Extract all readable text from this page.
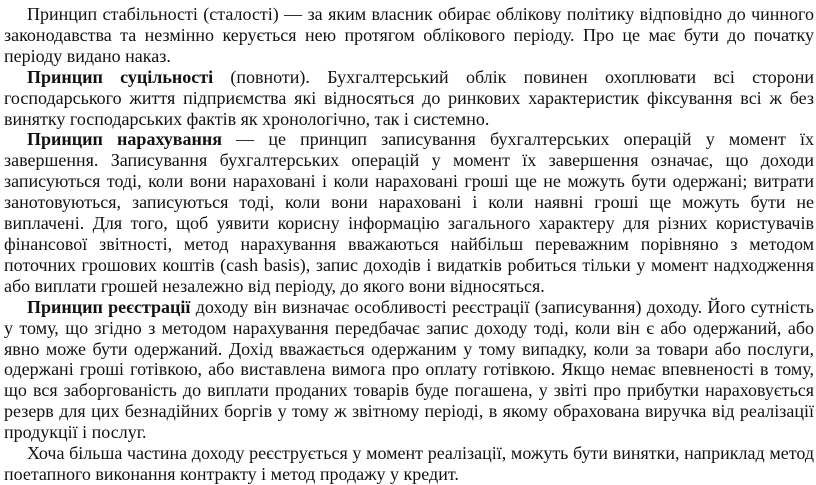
Принцип стабільності (сталості) — за яким власник обирає облікову політику відповідно до чинного законодавства та незмінно керується нею протягом облікового періоду. Про це має бути до початку періоду видано наказ.

Принцип суцільності (повноти). Бухгалтерський облік повинен охоплювати всі сторони господарського життя підприємства які відносяться до ринкових характеристик фіксування всі ж без винятку господарських фактів як хронологічно, так і системно.

Принцип нарахування — це принцип записування бухгалтерських операцій у момент їх завершення. Записування бухгалтерських операцій у момент їх завершення означає, що доходи записуються тоді, коли вони нараховані і коли нараховані гроші ще не можуть бути одержані; витрати занотовуються, записуються тоді, коли вони нараховані і коли наявні гроші ще можуть бути не виплачені. Для того, щоб уявити корисну інформацію загального характеру для різних користувачів фінансової звітності, метод нарахування вважаються найбільш переважним порівняно з методом поточних грошових коштів (cash basis), запис доходів і видатків робиться тільки у момент надходження або виплати грошей незалежно від періоду, до якого вони відносяться.

Принцип реєстрації доходу він визначає особливості реєстрації (записування) доходу. Його сутність у тому, що згідно з методом нарахування передбачає запис доходу тоді, коли він є або одержаний, або явно може бути одержаний. Дохід вважається одержаним у тому випадку, коли за товари або послуги, одержані гроші готівкою, або виставлена вимога про оплату готівкою. Якщо немає впевненості в тому, що вся заборгованість до виплати проданих товарів буде погашена, у звіті про прибутки нараховується резерв для цих безнадійних боргів у тому ж звітному періоді, в якому обрахована виручка від реалізації продукції і послуг.

Хоча більша частина доходу реєструється у момент реалізації, можуть бути винятки, наприклад метод поетапного виконання контракту і метод продажу у кредит.
